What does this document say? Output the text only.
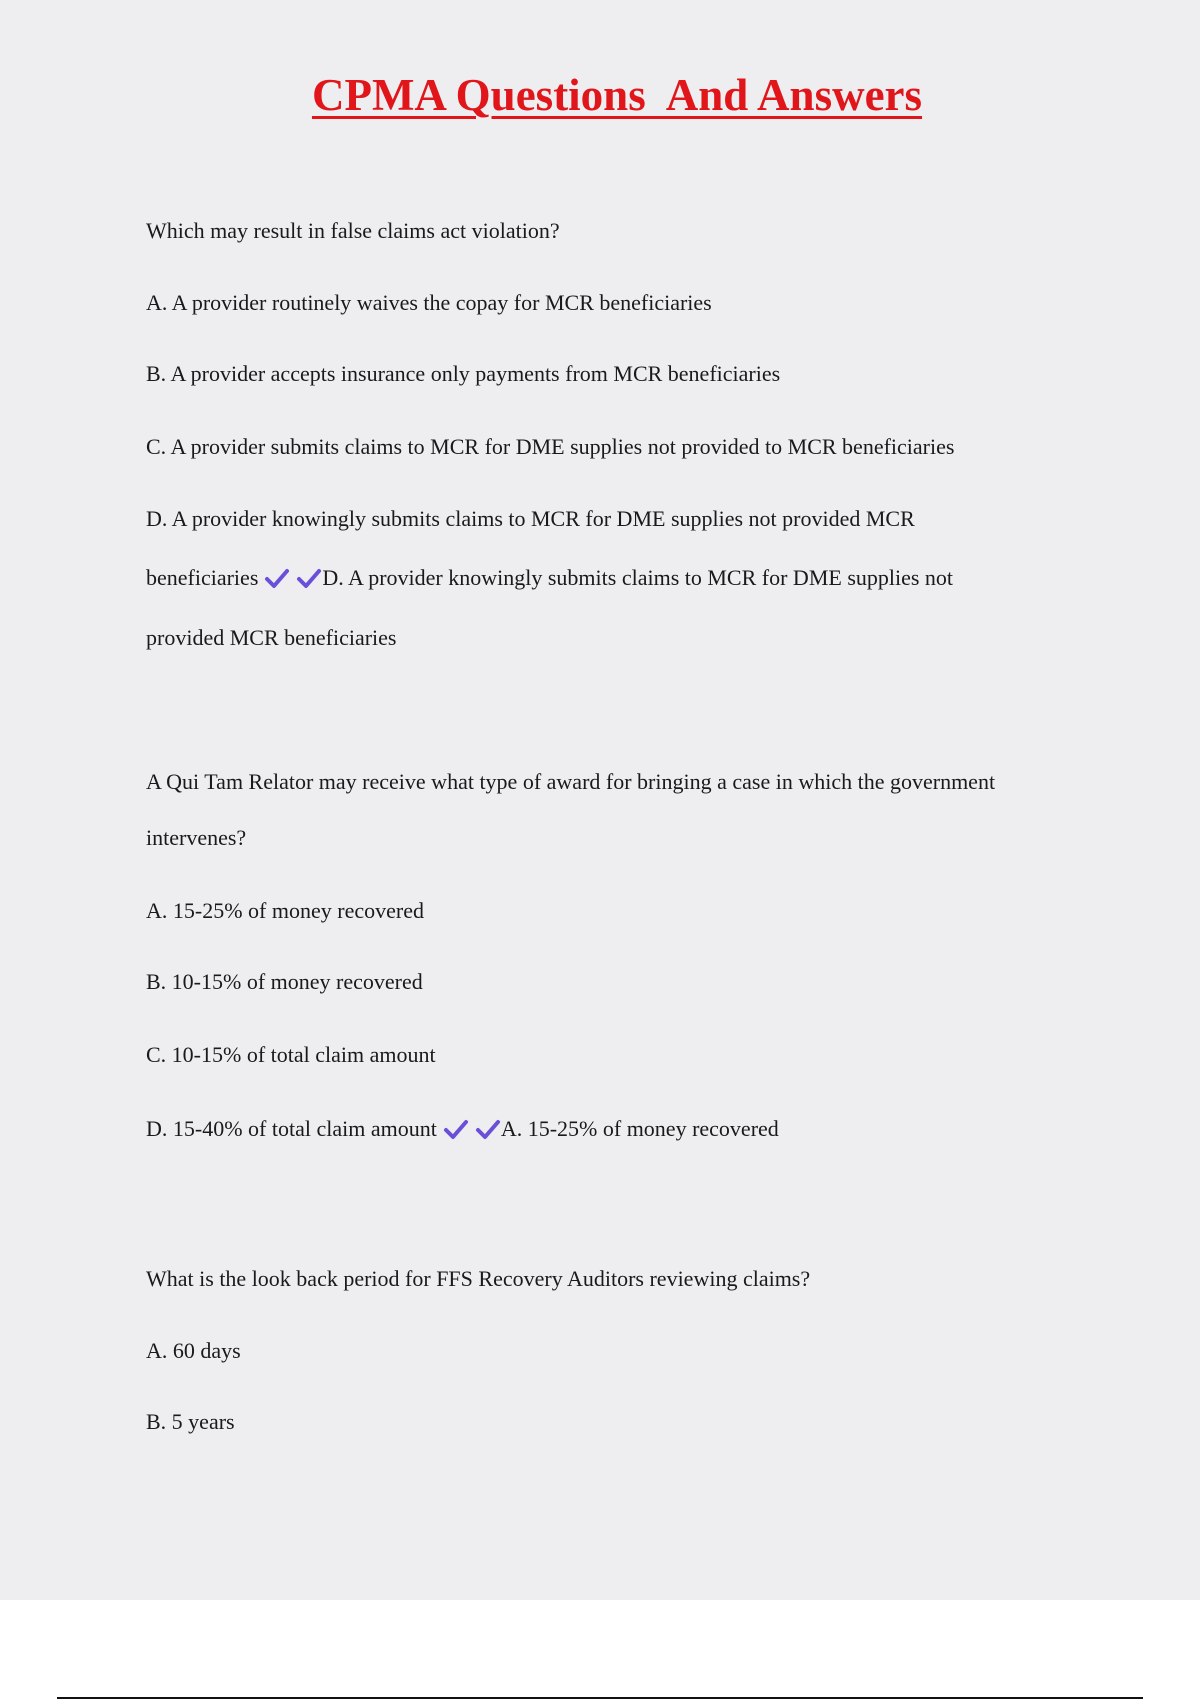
CPMA Questions  And Answers
Which may result in false claims act violation?
A. A provider routinely waives the copay for MCR beneficiaries
B. A provider accepts insurance only payments from MCR beneficiaries
C. A provider submits claims to MCR for DME supplies not provided to MCR beneficiaries
D. A provider knowingly submits claims to MCR for DME supplies not provided MCR
beneficiaries	D. A provider knowingly submits claims to MCR for DME supplies not
provided MCR beneficiaries
A Qui Tam Relator may receive what type of award for bringing a case in which the government
intervenes?
A. 15-25% of money recovered
B. 10-15% of money recovered
C. 10-15% of total claim amount
D. 15-40% of total claim amount	A. 15-25% of money recovered
What is the look back period for FFS Recovery Auditors reviewing claims?
A. 60 days
B. 5 years
